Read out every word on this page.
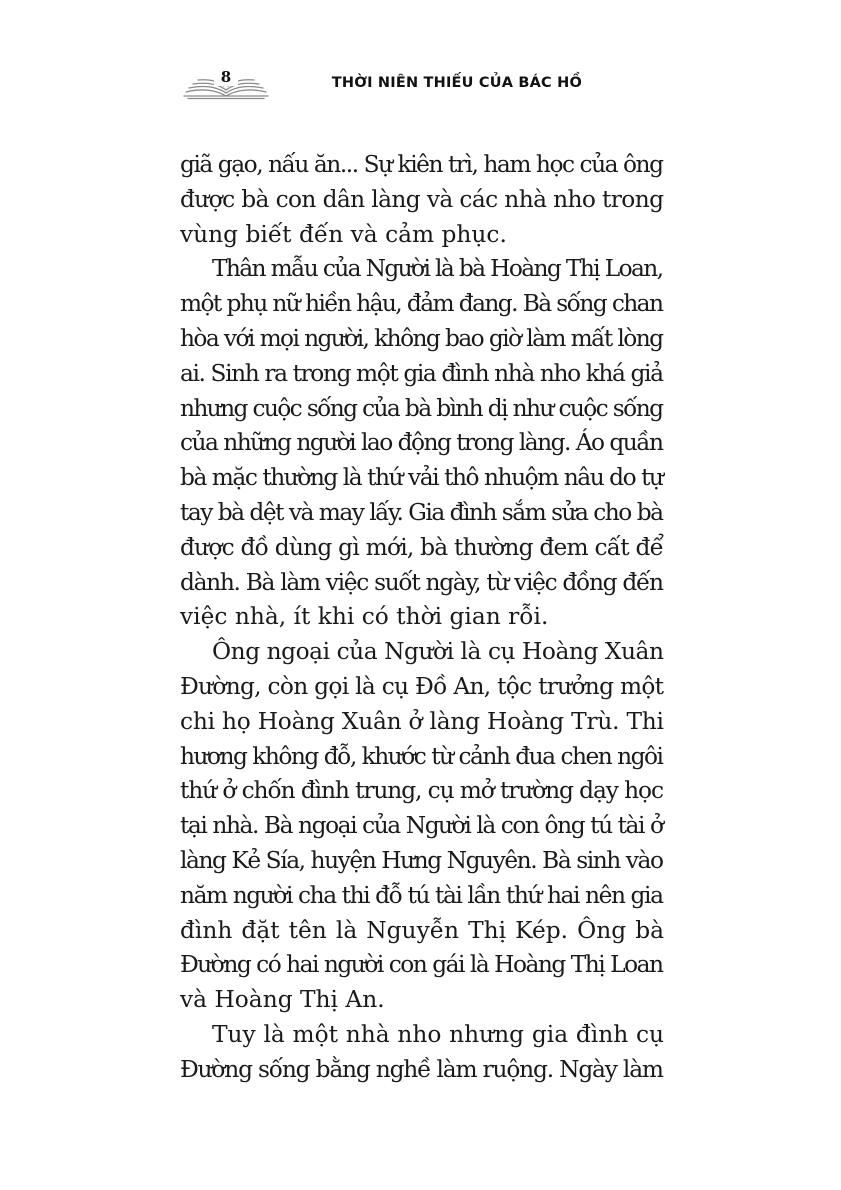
8	THỜI NIÊN THIẾU CỦA BÁC HỒ
giã gạo, nấu ăn... Sự kiên trì, ham học của ông
được bà con dân làng và các nhà nho trong
vùng biết đến và cảm phục.
Thân mẫu của Người là bà Hoàng Thị Loan,
một phụ nữ hiền hậu, đảm đang. Bà sống chan
hòa với mọi người, không bao giờ làm mất lòng
ai. Sinh ra trong một gia đình nhà nho khá giả
nhưng cuộc sống của bà bình dị như cuộc sống
của những người lao động trong làng. Áo quần
bà mặc thường là thứ vải thô nhuộm nâu do tự
tay bà dệt và may lấy. Gia đình sắm sửa cho bà
được đồ dùng gì mới, bà thường đem cất để
dành. Bà làm việc suốt ngày, từ việc đồng đến
việc nhà, ít khi có thời gian rỗi.
Ông ngoại của Người là cụ Hoàng Xuân
Đường, còn gọi là cụ Đồ An, tộc trưởng một
chi họ Hoàng Xuân ở làng Hoàng Trù. Thi
hương không đỗ, khước từ cảnh đua chen ngôi
thứ ở chốn đình trung, cụ mở trường dạy học
tại nhà. Bà ngoại của Người là con ông tú tài ở
làng Kẻ Sía, huyện Hưng Nguyên. Bà sinh vào
năm người cha thi đỗ tú tài lần thứ hai nên gia
đình đặt tên là Nguyễn Thị Kép. Ông bà
Đường có hai người con gái là Hoàng Thị Loan
và Hoàng Thị An.
Tuy là một nhà nho nhưng gia đình cụ
Đường sống bằng nghề làm ruộng. Ngày làm
